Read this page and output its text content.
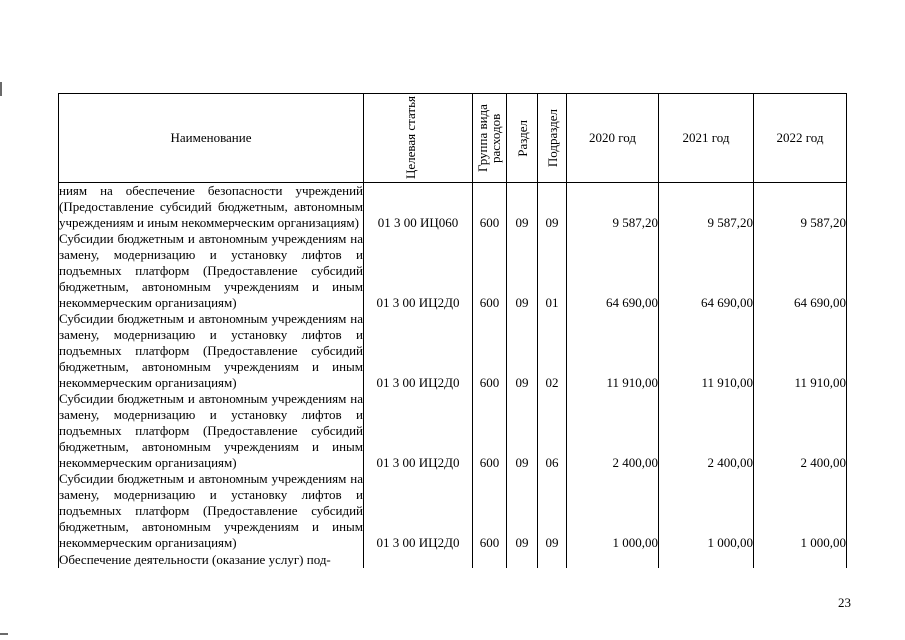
Наименование	Целевая статья	Группа вида расходов	Раздел	Подраздел	2020 год	2021 год	2022 год
ниям на обеспечение безопасности учреждений (Предоставление субсидий бюджетным, автономным учреждениям и иным некоммерческим организациям)	01 3 00 ИЦ060	600	09	09	9 587,20	9 587,20	9 587,20
Субсидии бюджетным и автономным учреждениям на замену, модернизацию и установку лифтов и подъемных платформ (Предоставление субсидий бюджетным, автономным учреждениям и иным некоммерческим организациям)	01 3 00 ИЦ2Д0	600	09	01	64 690,00	64 690,00	64 690,00
Субсидии бюджетным и автономным учреждениям на замену, модернизацию и установку лифтов и подъемных платформ (Предоставление субсидий бюджетным, автономным учреждениям и иным некоммерческим организациям)	01 3 00 ИЦ2Д0	600	09	02	11 910,00	11 910,00	11 910,00
Субсидии бюджетным и автономным учреждениям на замену, модернизацию и установку лифтов и подъемных платформ (Предоставление субсидий бюджетным, автономным учреждениям и иным некоммерческим организациям)	01 3 00 ИЦ2Д0	600	09	06	2 400,00	2 400,00	2 400,00
Субсидии бюджетным и автономным учреждениям на замену, модернизацию и установку лифтов и подъемных платформ (Предоставление субсидий бюджетным, автономным учреждениям и иным некоммерческим организациям)	01 3 00 ИЦ2Д0	600	09	09	1 000,00	1 000,00	1 000,00
Обеспечение деятельности (оказание услуг) под-							
23
